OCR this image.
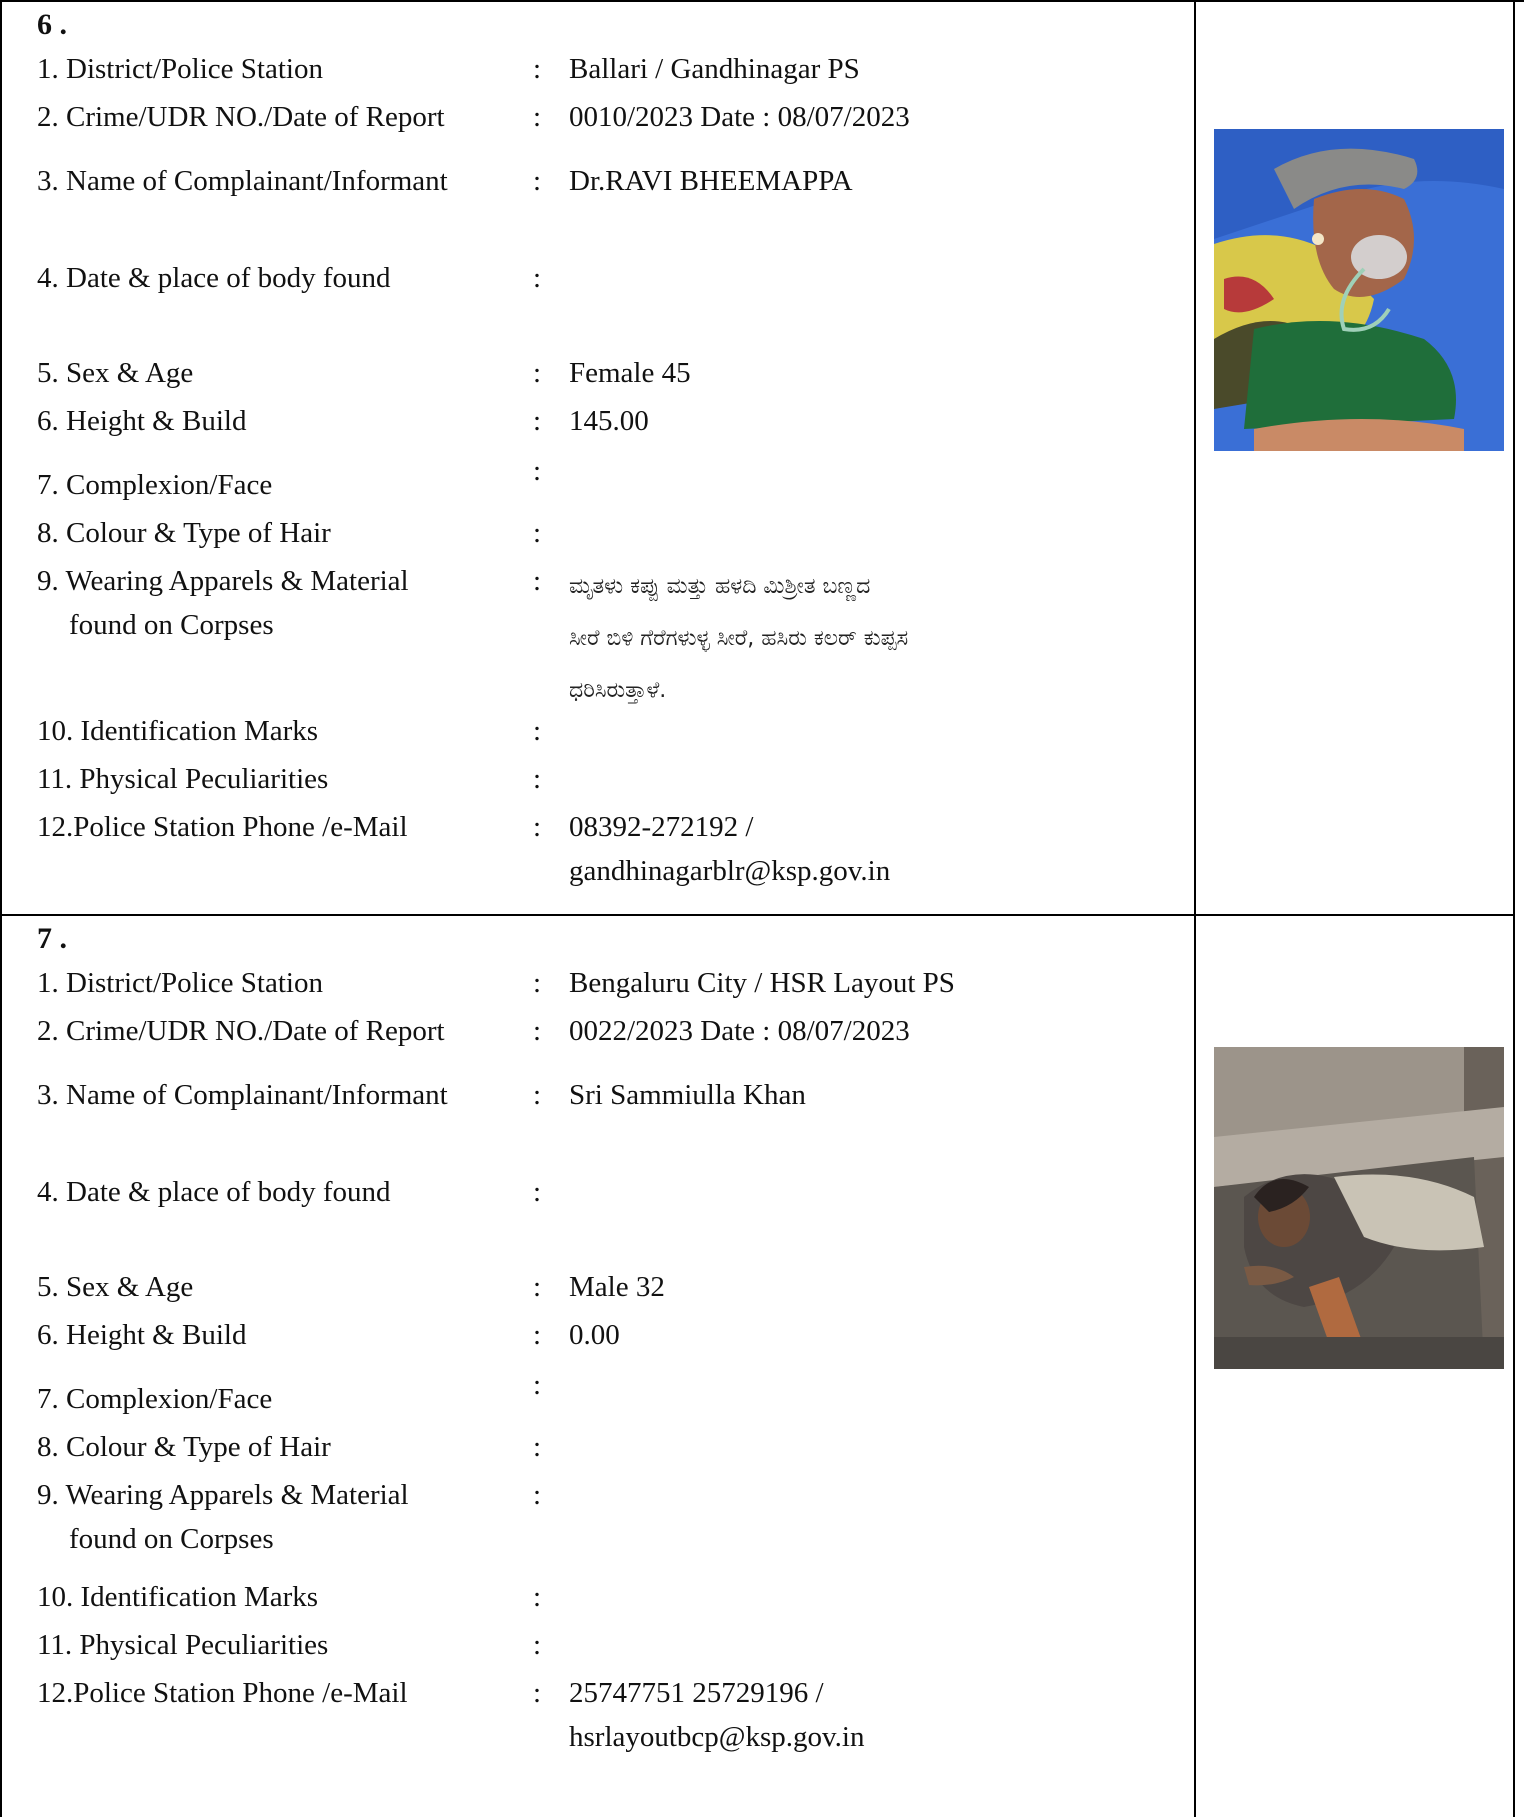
6 .
1. District/Police Station	: Ballari / Gandhinagar PS
2. Crime/UDR NO./Date of Report	: 0010/2023 Date : 08/07/2023
3. Name of Complainant/Informant	: Dr.RAVI BHEEMAPPA
4. Date & place of body found	:
5. Sex & Age	: Female 45
6. Height & Build	: 145.00
7. Complexion/Face	:
8. Colour & Type of Hair	:
9. Wearing Apparels & Material
found on Corpses
: ಮೃತಳು ಕಪ್ಪು ಮತ್ತು ಹಳದಿ ಮಿಶ್ರೀತ ಬಣ್ಣದ
ಸೀರೆ ಬಿಳಿ ಗೆರೆಗಳುಳ್ಳ ಸೀರೆ, ಹಸಿರು ಕಲರ್ ಕುಪ್ಪಸ
ಧರಿಸಿರುತ್ತಾಳೆ.
10. Identification Marks	:
11. Physical Peculiarities	:
12.Police Station Phone /e-Mail	: 08392-272192 /
gandhinagarblr@ksp.gov.in
7 .
1. District/Police Station	: Bengaluru City / HSR Layout PS
2. Crime/UDR NO./Date of Report	: 0022/2023 Date : 08/07/2023
3. Name of Complainant/Informant	: Sri Sammiulla Khan
4. Date & place of body found	:
5. Sex & Age	: Male 32
6. Height & Build	: 0.00
7. Complexion/Face	:
8. Colour & Type of Hair	:
9. Wearing Apparels & Material
found on Corpses
:
10. Identification Marks	:
11. Physical Peculiarities	:
12.Police Station Phone /e-Mail	: 25747751 25729196 /
hsrlayoutbcp@ksp.gov.in
